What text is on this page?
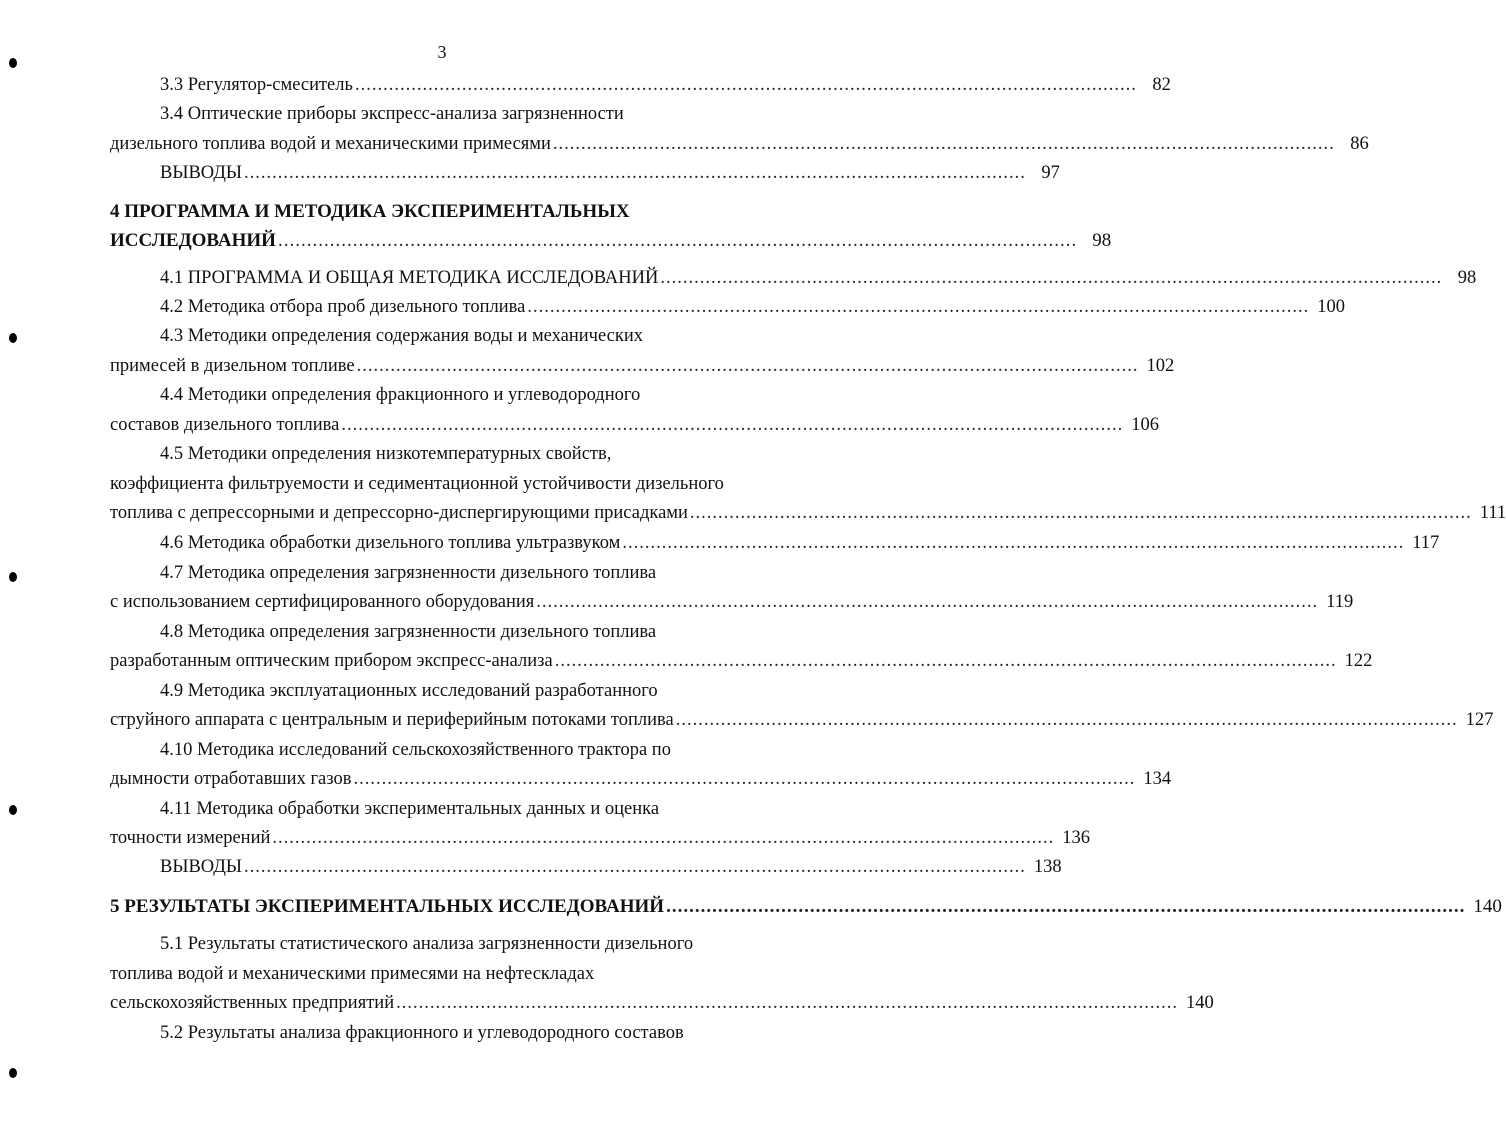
3
3.3 Регулятор-смеситель ........................................................................................................................................... 82
3.4 Оптические приборы экспресс-анализа загрязненности
дизельного топлива водой и механическими примесями ........................................................................................................................................... 86
ВЫВОДЫ ........................................................................................................................................... 97
4 ПРОГРАММА И МЕТОДИКА ЭКСПЕРИМЕНТАЛЬНЫХ
ИССЛЕДОВАНИЙ ........................................................................................................................................... 98
4.1 ПРОГРАММА И ОБЩАЯ МЕТОДИКА ИССЛЕДОВАНИЙ ........................................................................................................................................... 98
4.2 Методика отбора проб дизельного топлива ........................................................................................................................................... 100
4.3 Методики определения содержания воды и механических
примесей в дизельном топливе ........................................................................................................................................... 102
4.4 Методики определения фракционного и углеводородного
составов дизельного топлива ........................................................................................................................................... 106
4.5 Методики определения низкотемпературных свойств,
коэффициента фильтруемости и седиментационной устойчивости дизельного
топлива с депрессорными и депрессорно-диспергирующими присадками ........................................................................................................................................... 111
4.6 Методика обработки дизельного топлива ультразвуком ........................................................................................................................................... 117
4.7 Методика определения загрязненности дизельного топлива
с использованием сертифицированного оборудования ........................................................................................................................................... 119
4.8 Методика определения загрязненности дизельного топлива
разработанным оптическим прибором экспресс-анализа ........................................................................................................................................... 122
4.9 Методика эксплуатационных исследований разработанного
струйного аппарата с центральным и периферийным потоками топлива ........................................................................................................................................... 127
4.10 Методика исследований сельскохозяйственного трактора по
дымности отработавших газов ........................................................................................................................................... 134
4.11 Методика обработки экспериментальных данных и оценка
точности измерений ........................................................................................................................................... 136
ВЫВОДЫ ........................................................................................................................................... 138
5 РЕЗУЛЬТАТЫ ЭКСПЕРИМЕНТАЛЬНЫХ ИССЛЕДОВАНИЙ ........................................................................................................................................... 140
5.1 Результаты статистического анализа загрязненности дизельного
топлива водой и механическими примесями на нефтескладах
сельскохозяйственных предприятий ........................................................................................................................................... 140
5.2 Результаты анализа фракционного и углеводородного составов
